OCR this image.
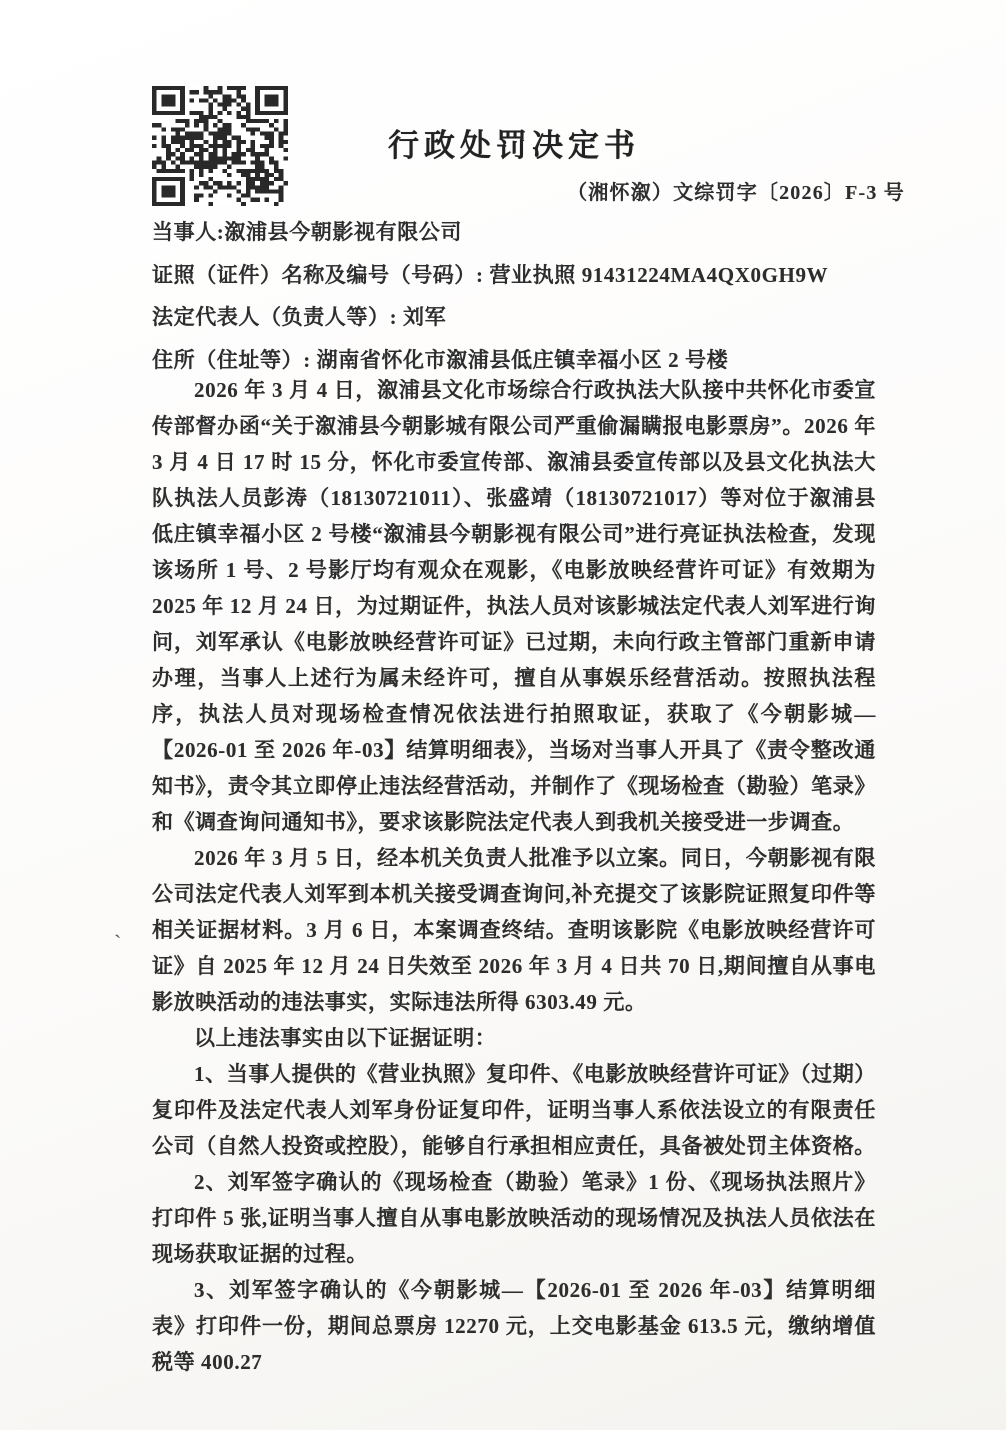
行政处罚决定书
（湘怀溆）文综罚字〔2026〕F-3 号
当事人:溆浦县今朝影视有限公司
证照（证件）名称及编号（号码）: 营业执照 91431224MA4QX0GH9W
法定代表人（负责人等）: 刘军
住所（住址等）: 湖南省怀化市溆浦县低庄镇幸福小区 2 号楼

2026 年 3 月 4 日，溆浦县文化市场综合行政执法大队接中共怀化市委宣传部督办函“关于溆浦县今朝影城有限公司严重偷漏瞒报电影票房”。2026 年 3 月 4 日 17 时 15 分，怀化市委宣传部、溆浦县委宣传部以及县文化执法大队执法人员彭涛（18130721011）、张盛靖（18130721017）等对位于溆浦县低庄镇幸福小区 2 号楼“溆浦县今朝影视有限公司”进行亮证执法检查，发现该场所 1 号、2 号影厅均有观众在观影，《电影放映经营许可证》有效期为 2025 年 12 月 24 日，为过期证件，执法人员对该影城法定代表人刘军进行询问，刘军承认《电影放映经营许可证》已过期，未向行政主管部门重新申请办理，当事人上述行为属未经许可，擅自从事娱乐经营活动。按照执法程序，执法人员对现场检查情况依法进行拍照取证，获取了《今朝影城—【2026-01 至 2026 年-03】结算明细表》，当场对当事人开具了《责令整改通知书》，责令其立即停止违法经营活动，并制作了《现场检查（勘验）笔录》和《调查询问通知书》，要求该影院法定代表人到我机关接受进一步调查。

2026 年 3 月 5 日，经本机关负责人批准予以立案。同日，今朝影视有限公司法定代表人刘军到本机关接受调查询问,补充提交了该影院证照复印件等相关证据材料。3 月 6 日，本案调查终结。查明该影院《电影放映经营许可证》自 2025 年 12 月 24 日失效至 2026 年 3 月 4 日共 70 日,期间擅自从事电影放映活动的违法事实，实际违法所得 6303.49 元。

以上违法事实由以下证据证明：

1、当事人提供的《营业执照》复印件、《电影放映经营许可证》（过期）复印件及法定代表人刘军身份证复印件，证明当事人系依法设立的有限责任公司（自然人投资或控股），能够自行承担相应责任，具备被处罚主体资格。

2、刘军签字确认的《现场检查（勘验）笔录》1 份、《现场执法照片》打印件 5 张,证明当事人擅自从事电影放映活动的现场情况及执法人员依法在现场获取证据的过程。

3、刘军签字确认的《今朝影城—【2026-01 至 2026 年-03】结算明细表》打印件一份，期间总票房 12270 元，上交电影基金 613.5 元，缴纳增值税等 400.27

`
